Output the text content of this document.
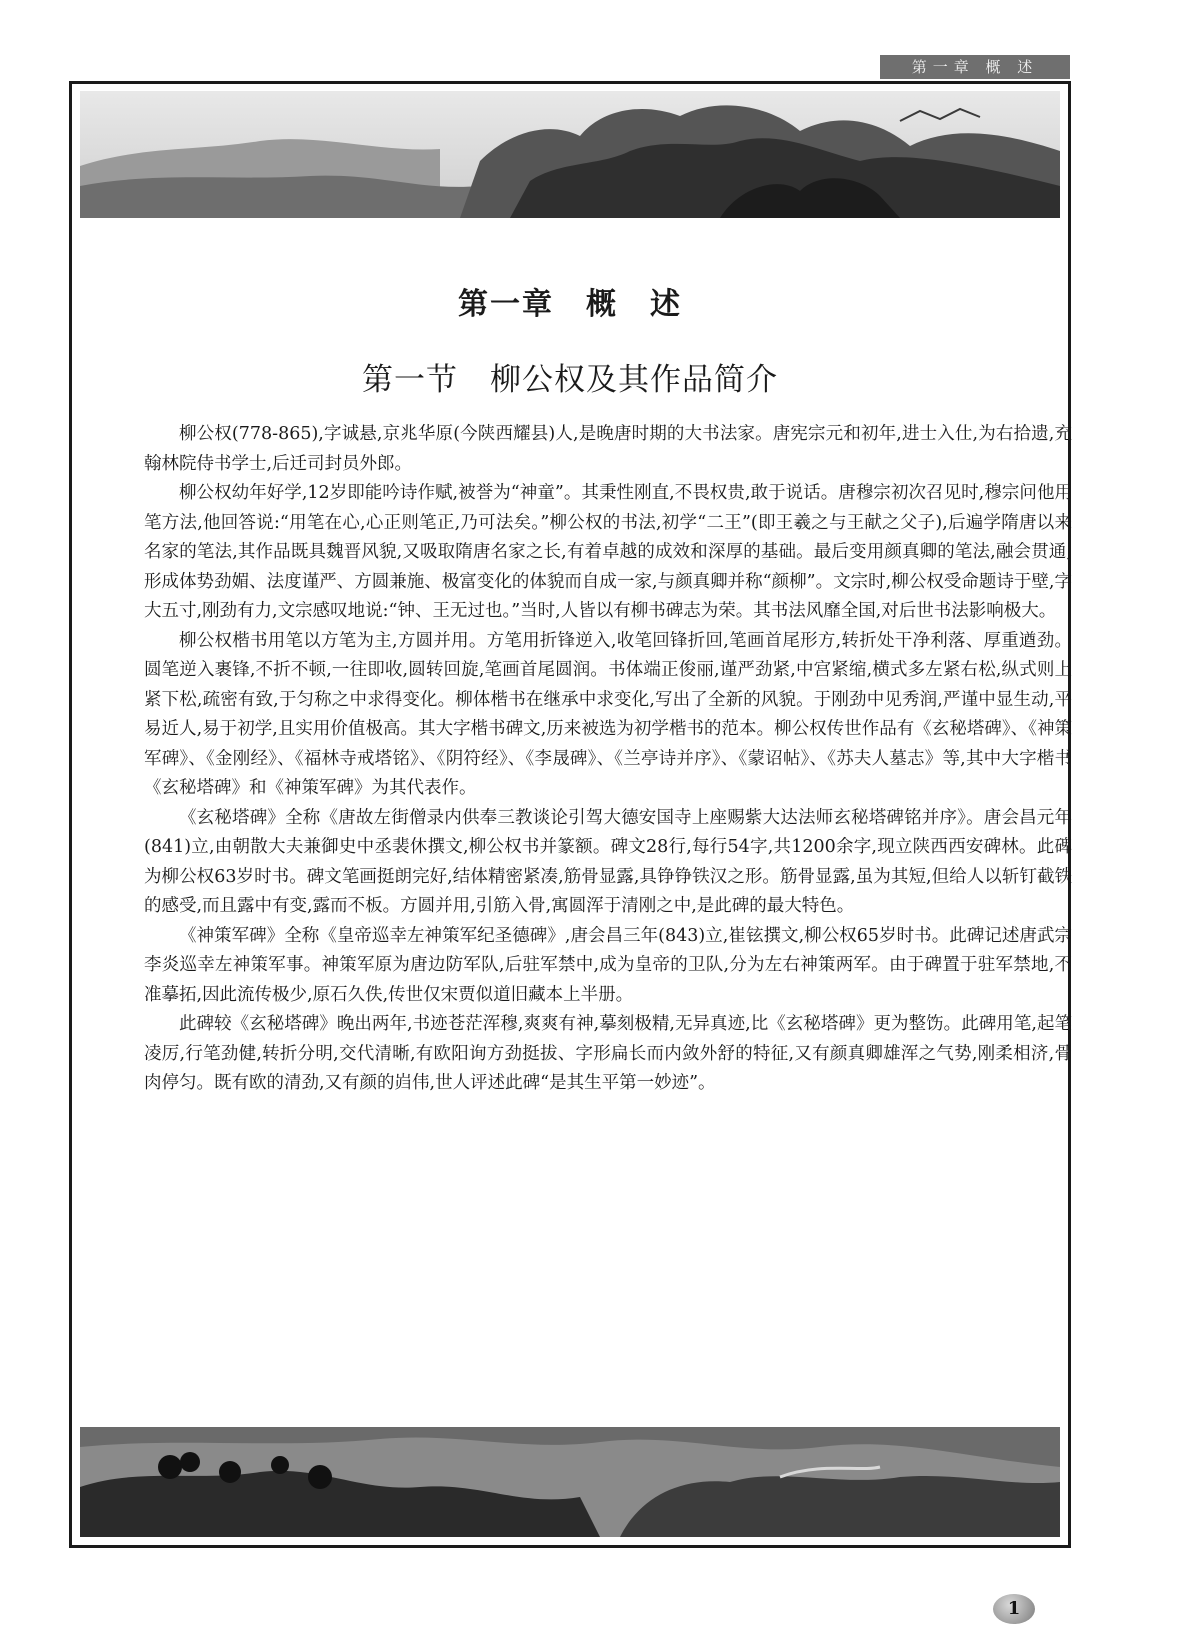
第一章 概 述
第一章　概　述
第一节　柳公权及其作品简介

柳公权(778-865),字诚悬,京兆华原(今陕西耀县)人,是晚唐时期的大书法家。唐宪宗元和初年,进士入仕,为右拾遗,充翰林院侍书学士,后迁司封员外郎。

柳公权幼年好学,12岁即能吟诗作赋,被誉为“神童”。其秉性刚直,不畏权贵,敢于说话。唐穆宗初次召见时,穆宗问他用笔方法,他回答说:“用笔在心,心正则笔正,乃可法矣。”柳公权的书法,初学“二王”(即王羲之与王献之父子),后遍学隋唐以来名家的笔法,其作品既具魏晋风貌,又吸取隋唐名家之长,有着卓越的成效和深厚的基础。最后变用颜真卿的笔法,融会贯通,形成体势劲媚、法度谨严、方圆兼施、极富变化的体貌而自成一家,与颜真卿并称“颜柳”。文宗时,柳公权受命题诗于壁,字大五寸,刚劲有力,文宗感叹地说:“钟、王无过也。”当时,人皆以有柳书碑志为荣。其书法风靡全国,对后世书法影响极大。

柳公权楷书用笔以方笔为主,方圆并用。方笔用折锋逆入,收笔回锋折回,笔画首尾形方,转折处干净利落、厚重遒劲。圆笔逆入裹锋,不折不顿,一往即收,圆转回旋,笔画首尾圆润。书体端正俊丽,谨严劲紧,中宫紧缩,横式多左紧右松,纵式则上紧下松,疏密有致,于匀称之中求得变化。柳体楷书在继承中求变化,写出了全新的风貌。于刚劲中见秀润,严谨中显生动,平易近人,易于初学,且实用价值极高。其大字楷书碑文,历来被选为初学楷书的范本。柳公权传世作品有《玄秘塔碑》、《神策军碑》、《金刚经》、《福林寺戒塔铭》、《阴符经》、《李晟碑》、《兰亭诗并序》、《蒙诏帖》、《苏夫人墓志》等,其中大字楷书《玄秘塔碑》和《神策军碑》为其代表作。

《玄秘塔碑》全称《唐故左街僧录内供奉三教谈论引驾大德安国寺上座赐紫大达法师玄秘塔碑铭并序》。唐会昌元年(841)立,由朝散大夫兼御史中丞裴休撰文,柳公权书并篆额。碑文28行,每行54字,共1200余字,现立陕西西安碑林。此碑为柳公权63岁时书。碑文笔画挺朗完好,结体精密紧凑,筋骨显露,具铮铮铁汉之形。筋骨显露,虽为其短,但给人以斩钉截铁的感受,而且露中有变,露而不板。方圆并用,引筋入骨,寓圆浑于清刚之中,是此碑的最大特色。

《神策军碑》全称《皇帝巡幸左神策军纪圣德碑》,唐会昌三年(843)立,崔铉撰文,柳公权65岁时书。此碑记述唐武宗李炎巡幸左神策军事。神策军原为唐边防军队,后驻军禁中,成为皇帝的卫队,分为左右神策两军。由于碑置于驻军禁地,不准摹拓,因此流传极少,原石久佚,传世仅宋贾似道旧藏本上半册。

此碑较《玄秘塔碑》晚出两年,书迹苍茫浑穆,爽爽有神,摹刻极精,无异真迹,比《玄秘塔碑》更为整饬。此碑用笔,起笔凌厉,行笔劲健,转折分明,交代清晰,有欧阳询方劲挺拔、字形扁长而内敛外舒的特征,又有颜真卿雄浑之气势,刚柔相济,骨肉停匀。既有欧的清劲,又有颜的岿伟,世人评述此碑“是其生平第一妙迹”。

1
